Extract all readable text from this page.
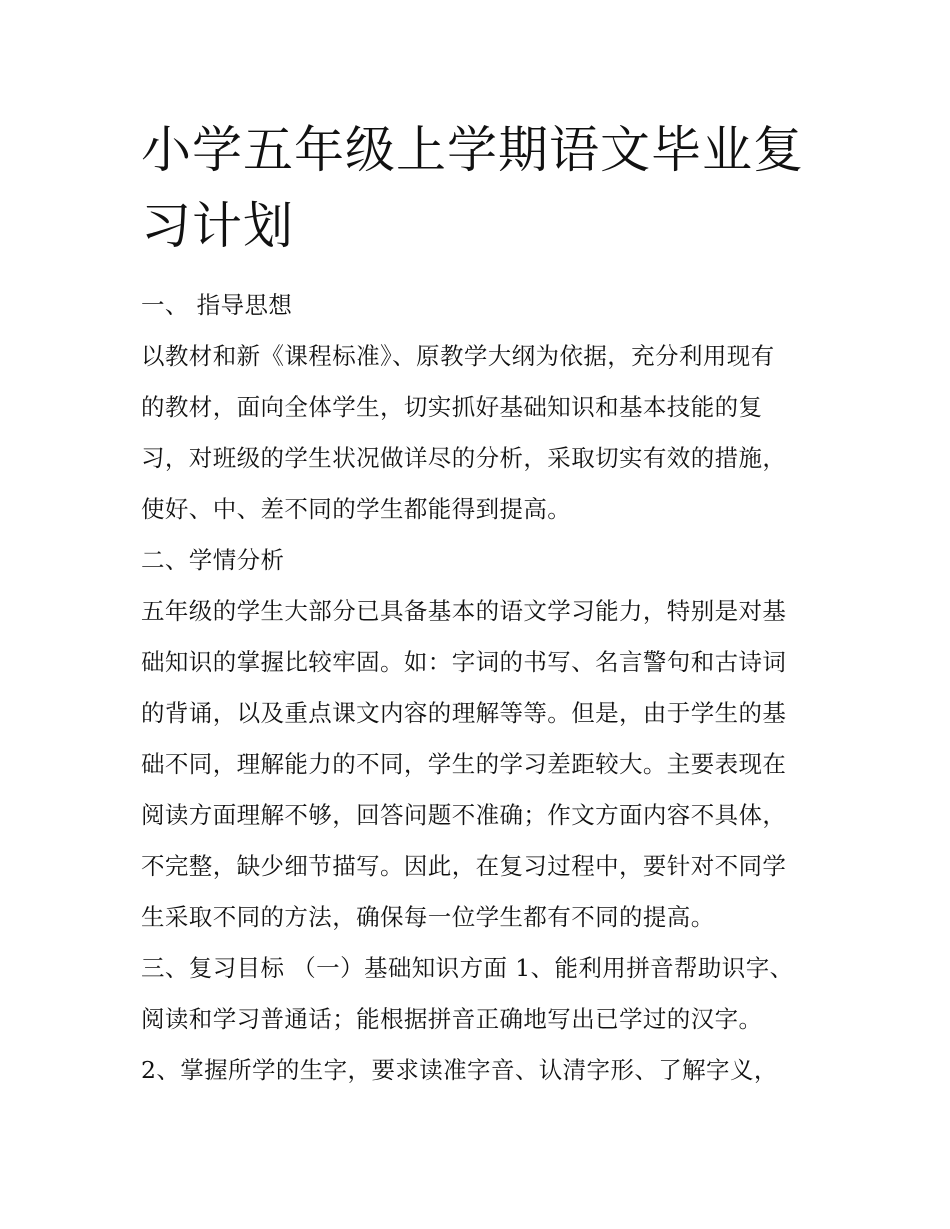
小学五年级上学期语文毕业复
习计划
一、 指导思想
以教材和新《课程标准》、原教学大纲为依据，充分利用现有
的教材，面向全体学生，切实抓好基础知识和基本技能的复
习，对班级的学生状况做详尽的分析，采取切实有效的措施，
使好、中、差不同的学生都能得到提高。
二、学情分析
五年级的学生大部分已具备基本的语文学习能力，特别是对基
础知识的掌握比较牢固。如：字词的书写、名言警句和古诗词
的背诵，以及重点课文内容的理解等等。但是，由于学生的基
础不同，理解能力的不同，学生的学习差距较大。主要表现在
阅读方面理解不够，回答问题不准确；作文方面内容不具体，
不完整，缺少细节描写。因此，在复习过程中，要针对不同学
生采取不同的方法，确保每一位学生都有不同的提高。
三、复习目标 （一）基础知识方面 1、能利用拼音帮助识字、
阅读和学习普通话；能根据拼音正确地写出已学过的汉字。
2、掌握所学的生字，要求读准字音、认清字形、了解字义，
